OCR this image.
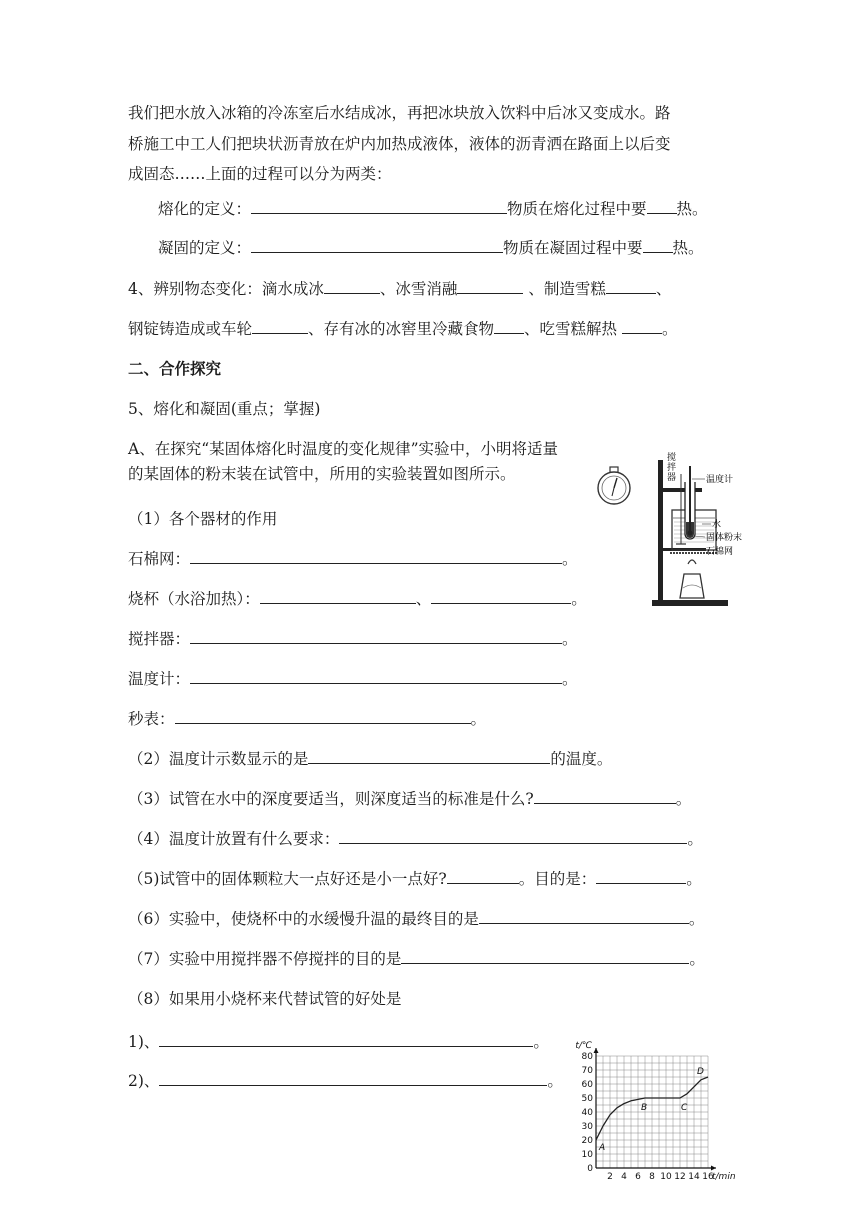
我们把水放入冰箱的冷冻室后水结成冰，再把冰块放入饮料中后冰又变成水。路
桥施工中工人们把块状沥青放在炉内加热成液体，液体的沥青洒在路面上以后变
成固态……上面的过程可以分为两类：
熔化的定义：	物质在熔化过程中要 热。
凝固的定义：	物质在凝固过程中要 热。
4、辨别物态变化：滴水成冰	、冰雪消融	、制造雪糕	、
钢锭铸造成或车轮	、存有冰的冰窖里冷藏食物 、吃雪糕解热	。
二、合作探究
5、熔化和凝固(重点；掌握)
A、在探究“某固体熔化时温度的变化规律”实验中，小明将适量
的某固体的粉末装在试管中，所用的实验装置如图所示。
（1）各个器材的作用
石棉网：	。
烧杯（水浴加热）：	、	。
搅拌器：	。
温度计：	。
秒表：	。
（2）温度计示数显示的是	的温度。
（3）试管在水中的深度要适当，则深度适当的标准是什么?	。
（4）温度计放置有什么要求：	。
（5)试管中的固体颗粒大一点好还是小一点好?	。目的是：	。
（6）实验中，使烧杯中的水缓慢升温的最终目的是	。
（7）实验中用搅拌器不停搅拌的目的是	。
（8）如果用小烧杯来代替试管的好处是
1)、	。
2)、	。
搅
拌
器	温度计
水
固体粉末
石棉网
0
10
20
30
40
50
60
70
80
2 4 6 8 10 12 14 16
t/℃
t/min
A
B	C
D
